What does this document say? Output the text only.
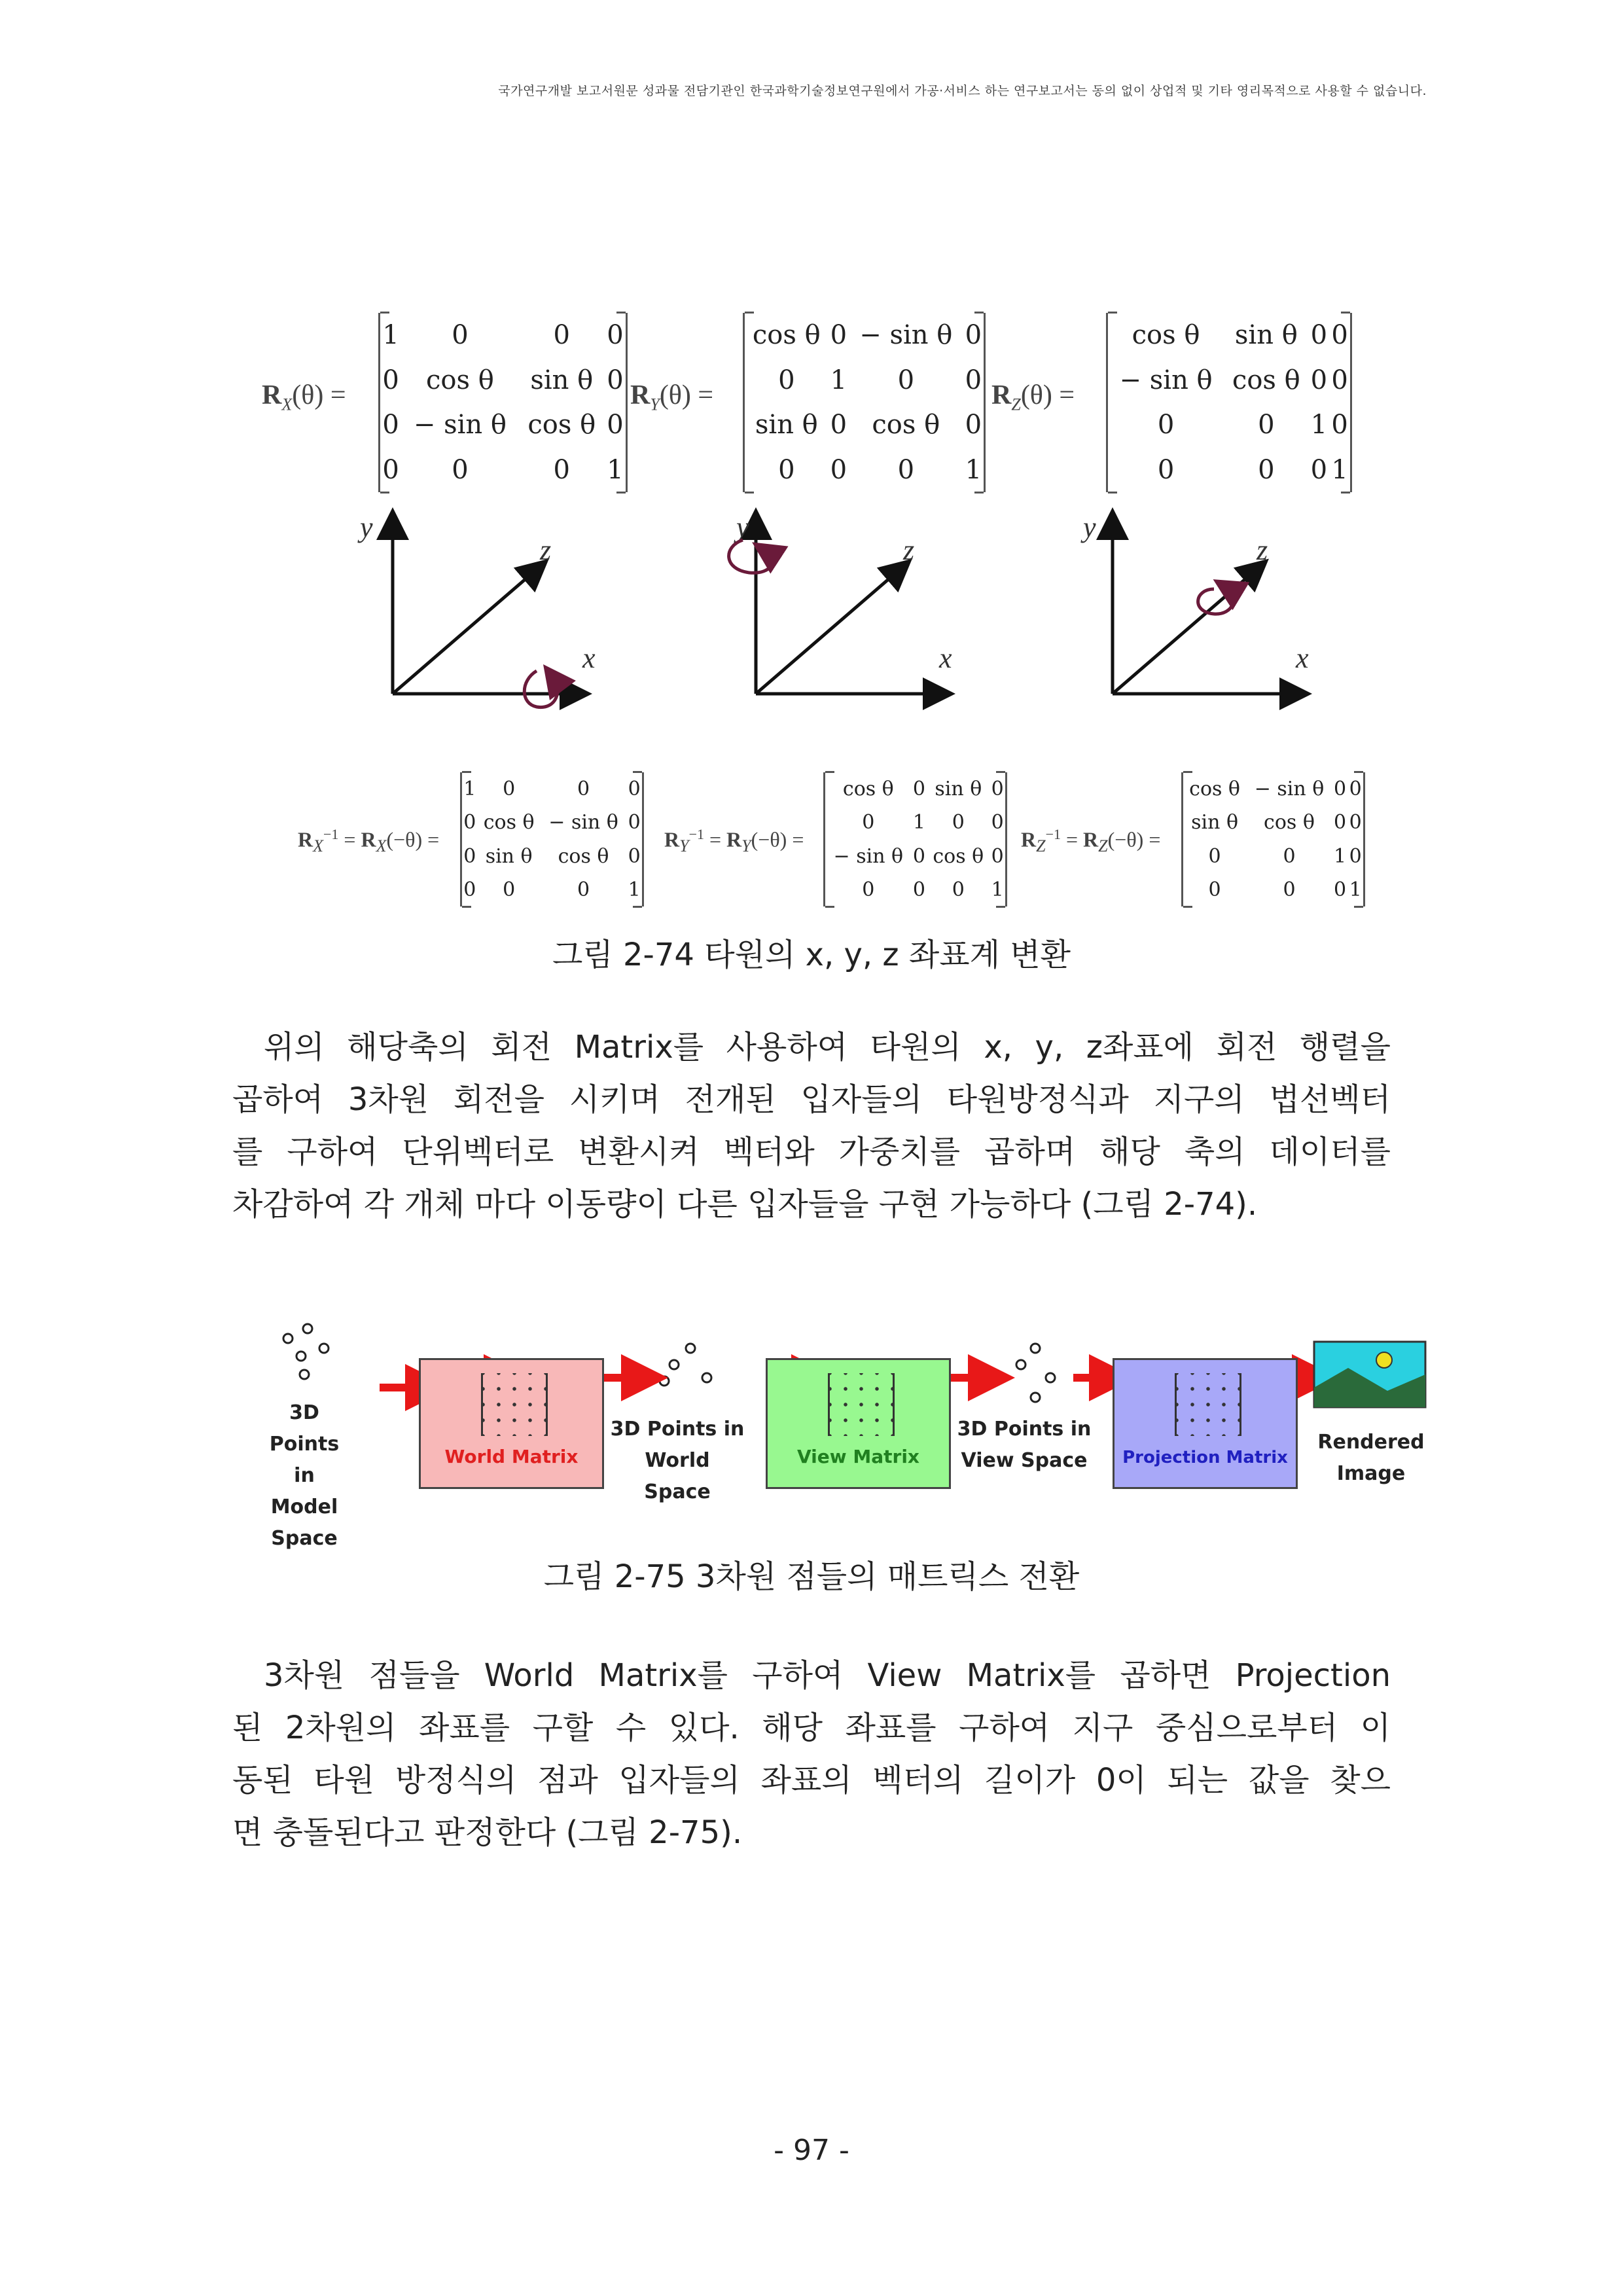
국가연구개발 보고서원문 성과물 전담기관인 한국과학기술정보연구원에서 가공·서비스 하는 연구보고서는 동의 없이 상업적 및 기타 영리목적으로 사용할 수 없습니다.
$R_X(\theta)$ =
1	0	0	0
0	cos θ	sin θ	0
0	− sin θ	cos θ	0
0	0	0	1
$R_Y(\theta)$ =
cos θ	0	− sin θ	0
0	1	0	0
sin θ	0	cos θ	0
0	0	0	1
$R_Z(\theta)$ =
cos θ	sin θ	0	0
− sin θ	cos θ	0	0
0	0	1	0
0	0	0	1
y
z
x
y
z
x
y
z
x
$R_X^{-1} = R_X(-\theta)$ =
1	0	0	0
0	cos θ	− sin θ	0
0	sin θ	cos θ	0
0	0	0	1
$R_Y^{-1} = R_Y(-\theta)$ =
cos θ	0	sin θ	0
0	1	0	0
− sin θ	0	cos θ	0
0	0	0	1
$R_Z^{-1} = R_Z(-\theta)$ =
cos θ	− sin θ	0	0
sin θ	cos θ	0	0
0	0	1	0
0	0	0	1
그림 2-74 타원의 x, y, z 좌표계 변환
위의 해당축의 회전 Matrix를 사용하여 타원의 x, y, z좌표에 회전 행렬을
곱하여 3차원 회전을 시키며 전개된 입자들의 타원방정식과 지구의 법선벡터
를 구하여 단위벡터로 변환시켜 벡터와 가중치를 곱하며 해당 축의 데이터를
차감하여 각 개체 마다 이동량이 다른 입자들을 구현 가능하다 (그림 2-74).
3D Points in
Model
Space
World Matrix
3D Points in
World Space
View Matrix
3D Points in
View Space	Projection Matrix
Rendered
Image
그림 2-75 3차원 점들의 매트릭스 전환
3차원 점들을 World Matrix를 구하여 View Matrix를 곱하면 Projection
된 2차원의 좌표를 구할 수 있다. 해당 좌표를 구하여 지구 중심으로부터 이
동된 타원 방정식의 점과 입자들의 좌표의 벡터의 길이가 0이 되는 값을 찾으
면 충돌된다고 판정한다 (그림 2-75).
- 97 -
